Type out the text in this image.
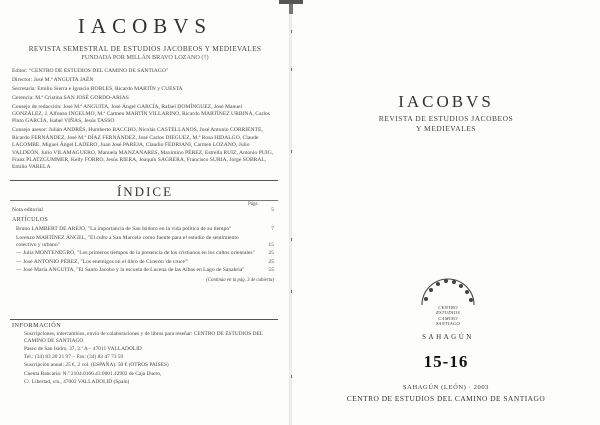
IACOBVS
REVISTA SEMESTRAL DE ESTUDIOS JACOBEOS Y MEDIEVALES
FUNDADA POR MILLÁN BRAVO LOZANO (†)

Editor: "CENTRO DE ESTUDIOS DEL CAMINO DE SANTIAGO"

Director: José M.ª ANGUITA JAÉN

Secretaría: Emilio Sierra e Ignacio ROBLES, Ricardo MARTÍN y CUESTA

Gerencia: M.ª Cristina SAN JOSÉ GORDO-ARIAS

Consejo de redacción: José M.ª ANGUITA, José Ángel GARCÍA, Rafael DOMÍNGUEZ, José Manuel GONZÁLEZ, J. Alfonso INGELMO, M.ª Carmen MARTÍN VILLARINO, Ricardo MARTÍNEZ URBINA, Carlos Pinto GARCÍA, Isabel VIÑAS, Jesús TASSO

Consejo asesor: Julián ANDRÉS, Humberto BACCHO, Nicolás CASTELLANOS, José Antonio CORRIENTE, Ricardo FERNÁNDEZ, José M.ª DÍAZ FERNÁNDEZ, José Carlos DIEGUEZ, M.ª Rosa HIDALGO, Claude LACOMBE, Miguel Ángel LADERO, Juan José PAREJA, Claudio FEDRIANI, Carmen LOZANO, Julio VALDEÓN, Julio VILAMAGUERO, Manuela MANZANARES, Maximino PÉREZ, Estrella RUIZ, Antonio PUIG, Franz PLATZGUMMER, Kelly FORRO, Jesús RIERA, Joaquín SAGRERA, Francisco SURIA, Jorge SOBRAL, Emilio VARELA

ÍNDICE
Págs.
Nota editorial	5
ARTÍCULOS
Bruno LAMBERT DE AREJO, "La importancia de San Isidoro en la vida política de su tiempo"	7
Lorenzo MARTÍNEZ ÁNGEL, "El culto a San Marcelo como fuente para el estudio de sentimiento colectivo y urbano"	15
— Julia MONTENEGRO, "Los primeros tiempos de la presencia de los cristianos en los cultos orientales" 25
— José ANTONIO PÉREZ, "Los enemigos en el libro de Cicerón 'de cruce'"	25
— José María ANGUITA, "El Santo Jacobo y la escuela de Lucena de las Albas en Lago de Sanabria"	55
(Continúa en la pág. 3 de cubierta)
INFORMACIÓN

Suscripciones, intercambios, envío de colaboraciones y de libros para reseñar: CENTRO DE ESTUDIOS DEL CAMINO DE SANTIAGO

Paseo de San Isidro, 37, 3.º A – 47011 VALLADOLID

Tel.: (34) 83 20 21 97 – Fax: (34) 83 47 73 59

Suscripción anual: 25 €, 2 vol. (ESPAÑA). 50 € (OTROS PAÍSES)

Cuenta Bancaria: N.º 2104.0166.43.0001.42902 de Caja Duero,

C/. Libertad, s/n., 47002 VALLADOLID (Spain)

IACOBVS
REVISTA DE ESTUDIOS JACOBEOS
Y MEDIEVALES
CENTRO
ESTUDIOS
CAMINO
SANTIAGO
SAHAGÚN
15-16
SAHAGÚN (LEÓN) · 2003
CENTRO DE ESTUDIOS DEL CAMINO DE SANTIAGO
